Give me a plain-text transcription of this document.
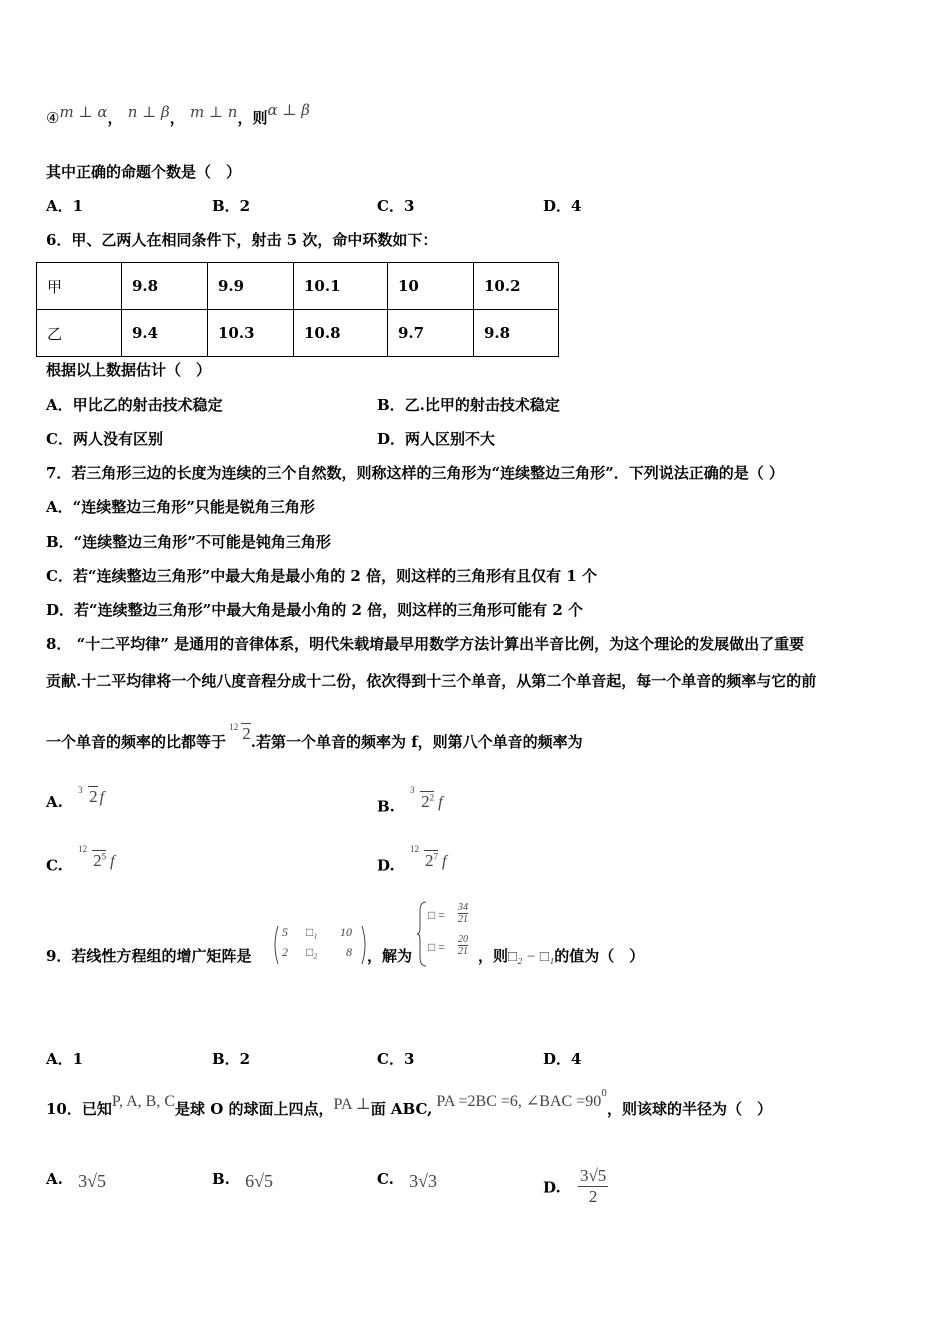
④m ⊥ α， n ⊥ β， m ⊥ n，则α ⊥ β
其中正确的命题个数是（　）
A．1	B．2	C．3	D．4
6．甲、乙两人在相同条件下，射击 5 次，命中环数如下：
甲	9.8	9.9	10.1	10	10.2
乙	9.4	10.3	10.8	9.7	9.8
根据以上数据估计（　）
A．甲比乙的射击技术稳定	B．乙.比甲的射击技术稳定
C．两人没有区别	D．两人区别不大
7．若三角形三边的长度为连续的三个自然数，则称这样的三角形为“连续整边三角形”．下列说法正确的是（ ）
A．“连续整边三角形”只能是锐角三角形
B．“连续整边三角形”不可能是钝角三角形
C．若“连续整边三角形”中最大角是最小角的 2 倍，则这样的三角形有且仅有 1 个
D．若“连续整边三角形”中最大角是最小角的 2 倍，则这样的三角形可能有 2 个
8． “十二平均律” 是通用的音律体系，明代朱载堉最早用数学方法计算出半音比例，为这个理论的发展做出了重要
贡献.十二平均律将一个纯八度音程分成十二份，依次得到十三个单音，从第二个单音起，每一个单音的频率与它的前
一个单音的频率的比都等于
12 2.若第一个单音的频率为 f，则第八个单音的频率为
A.
3 2 f
B.
3
$2^2$ f
C.
12
$2^5$ f	D.
12
$2^7$ f
9．若线性方程组的增广矩阵是
5 □₁ 10
2 □₂ 8 ，解为
□ =
34
21
□ =
20
21 ，则□₂ − □₁的值为（　）
A．1	B．2	C．3	D．4
10．已知P, A, B, C是球 O 的球面上四点，PA ⊥面 ABC, PA =2BC =6, ∠BAC $=90^0$，则该球的半径为（　）
A. 3√5	B. 6√5	C. 3√3	D. $\frac{3√5}{2}$
